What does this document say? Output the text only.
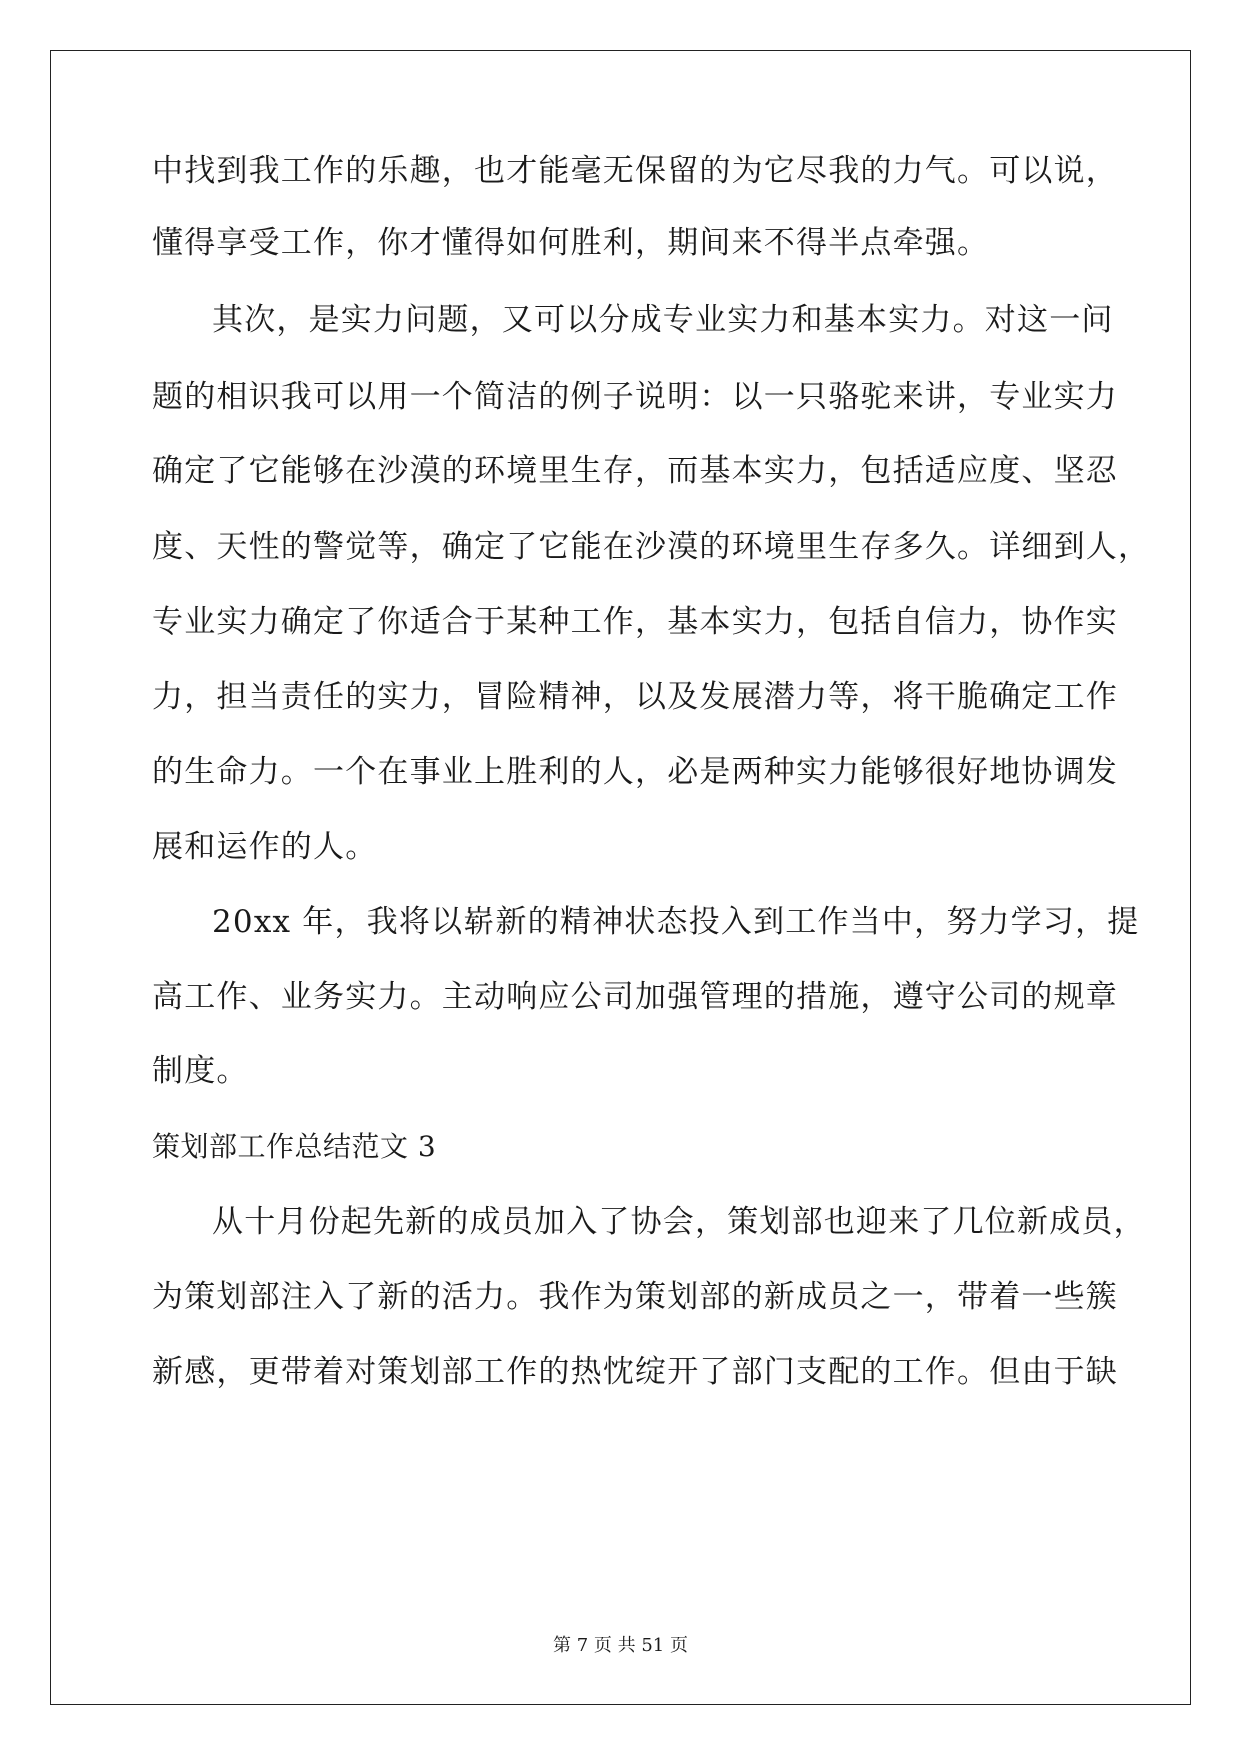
中找到我工作的乐趣，也才能毫无保留的为它尽我的力气。可以说，
懂得享受工作，你才懂得如何胜利，期间来不得半点牵强。
其次，是实力问题，又可以分成专业实力和基本实力。对这一问
题的相识我可以用一个简洁的例子说明：以一只骆驼来讲，专业实力
确定了它能够在沙漠的环境里生存，而基本实力，包括适应度、坚忍
度、天性的警觉等，确定了它能在沙漠的环境里生存多久。详细到人，
专业实力确定了你适合于某种工作，基本实力，包括自信力，协作实
力，担当责任的实力，冒险精神，以及发展潜力等，将干脆确定工作
的生命力。一个在事业上胜利的人，必是两种实力能够很好地协调发
展和运作的人。
20xx 年，我将以崭新的精神状态投入到工作当中，努力学习，提
高工作、业务实力。主动响应公司加强管理的措施，遵守公司的规章
制度。
策划部工作总结范文 3
从十月份起先新的成员加入了协会，策划部也迎来了几位新成员，
为策划部注入了新的活力。我作为策划部的新成员之一，带着一些簇
新感，更带着对策划部工作的热忱绽开了部门支配的工作。但由于缺
第 7 页 共 51 页
